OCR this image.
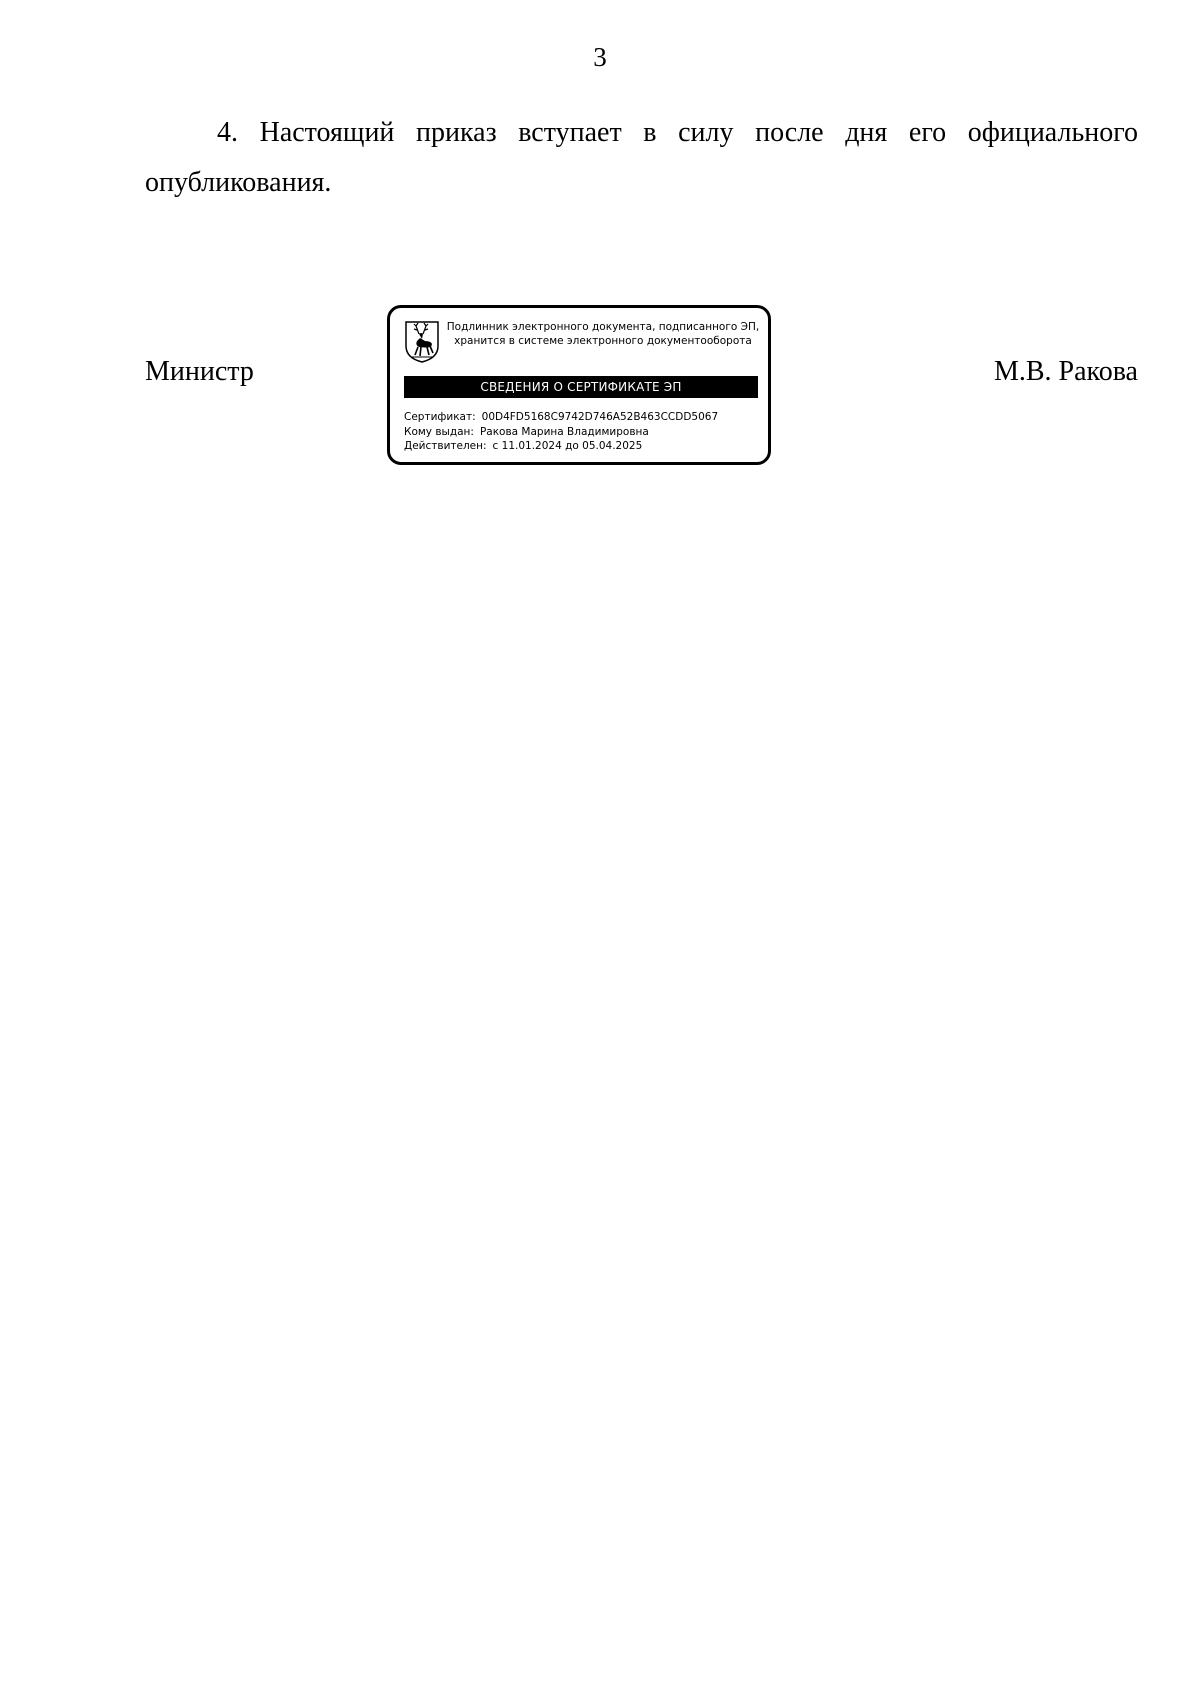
3
4. Настоящий приказ вступает в силу после дня его официального опубликования.
Министр
Подлинник электронного документа, подписанного ЭП,
хранится в системе электронного документооборота
СВЕДЕНИЯ О СЕРТИФИКАТЕ ЭП
Сертификат: 00D4FD5168C9742D746A52B463CCDD5067
Кому выдан: Ракова Марина Владимировна
Действителен: с 11.01.2024 до 05.04.2025
М.В. Ракова
